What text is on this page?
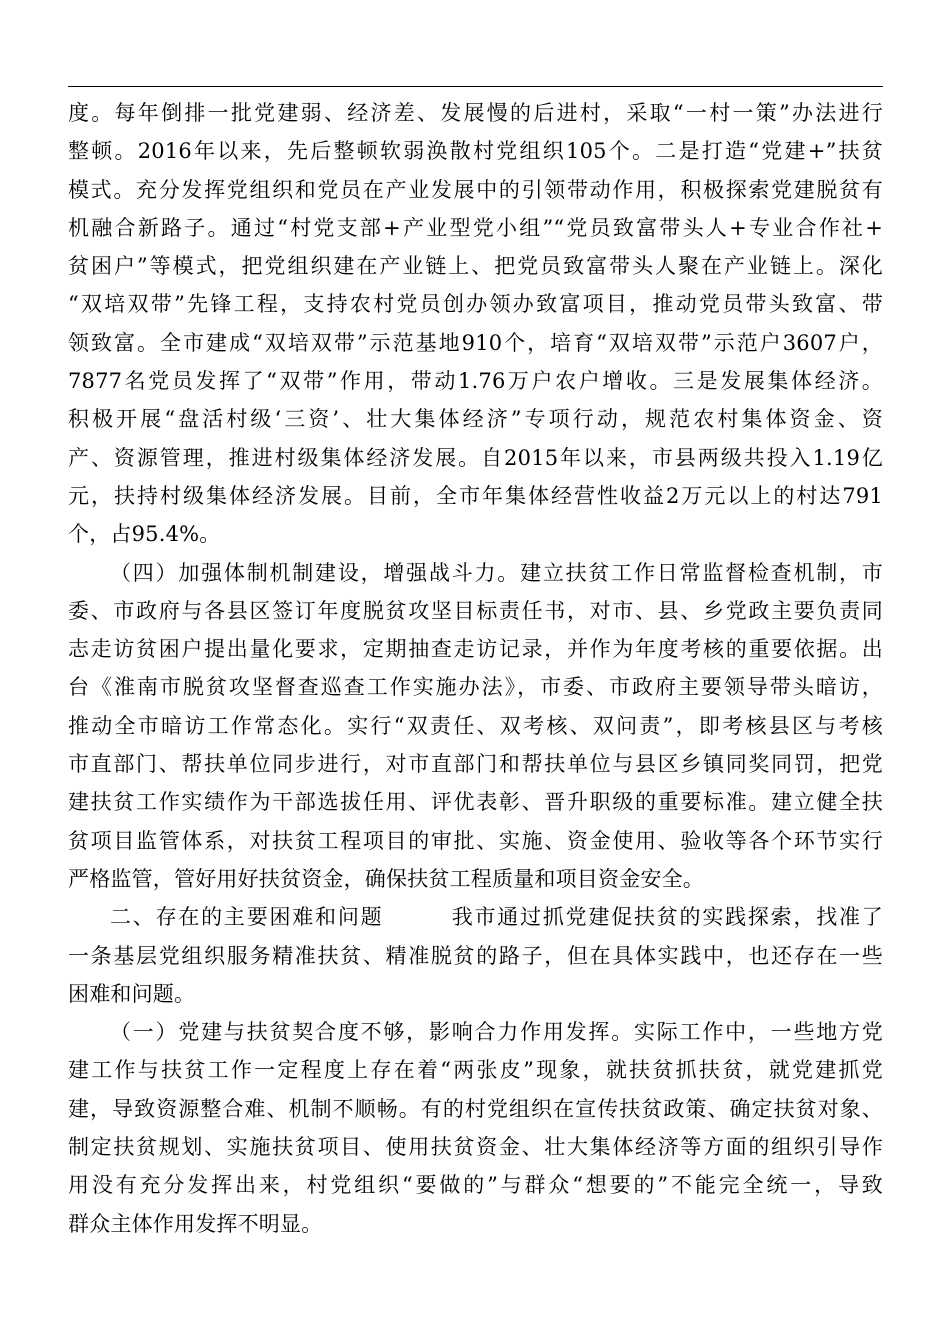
度。每年倒排一批党建弱、经济差、发展慢的后进村，采取“一村一策”办法进行
整顿。2016年以来，先后整顿软弱涣散村党组织105个。二是打造“党建+”扶贫
模式。充分发挥党组织和党员在产业发展中的引领带动作用，积极探索党建脱贫有
机融合新路子。通过“村党支部+产业型党小组”“党员致富带头人+专业合作社+
贫困户”等模式，把党组织建在产业链上、把党员致富带头人聚在产业链上。深化
“双培双带”先锋工程，支持农村党员创办领办致富项目，推动党员带头致富、带
领致富。全市建成“双培双带”示范基地910个，培育“双培双带”示范户3607户，
7877名党员发挥了“双带”作用，带动1.76万户农户增收。三是发展集体经济。
积极开展“盘活村级‘三资’、壮大集体经济”专项行动，规范农村集体资金、资
产、资源管理，推进村级集体经济发展。自2015年以来，市县两级共投入1.19亿
元，扶持村级集体经济发展。目前，全市年集体经营性收益2万元以上的村达791
个，占95.4%。
（四）加强体制机制建设，增强战斗力。建立扶贫工作日常监督检查机制，市
委、市政府与各县区签订年度脱贫攻坚目标责任书，对市、县、乡党政主要负责同
志走访贫困户提出量化要求，定期抽查走访记录，并作为年度考核的重要依据。出
台《淮南市脱贫攻坚督查巡查工作实施办法》，市委、市政府主要领导带头暗访，
推动全市暗访工作常态化。实行“双责任、双考核、双问责”，即考核县区与考核
市直部门、帮扶单位同步进行，对市直部门和帮扶单位与县区乡镇同奖同罚，把党
建扶贫工作实绩作为干部选拔任用、评优表彰、晋升职级的重要标准。建立健全扶
贫项目监管体系，对扶贫工程项目的审批、实施、资金使用、验收等各个环节实行
严格监管，管好用好扶贫资金，确保扶贫工程质量和项目资金安全。
二、存在的主要困难和问题　　　我市通过抓党建促扶贫的实践探索，找准了
一条基层党组织服务精准扶贫、精准脱贫的路子，但在具体实践中，也还存在一些
困难和问题。
（一）党建与扶贫契合度不够，影响合力作用发挥。实际工作中，一些地方党
建工作与扶贫工作一定程度上存在着“两张皮”现象，就扶贫抓扶贫，就党建抓党
建，导致资源整合难、机制不顺畅。有的村党组织在宣传扶贫政策、确定扶贫对象、
制定扶贫规划、实施扶贫项目、使用扶贫资金、壮大集体经济等方面的组织引导作
用没有充分发挥出来，村党组织“要做的”与群众“想要的”不能完全统一，导致
群众主体作用发挥不明显。
